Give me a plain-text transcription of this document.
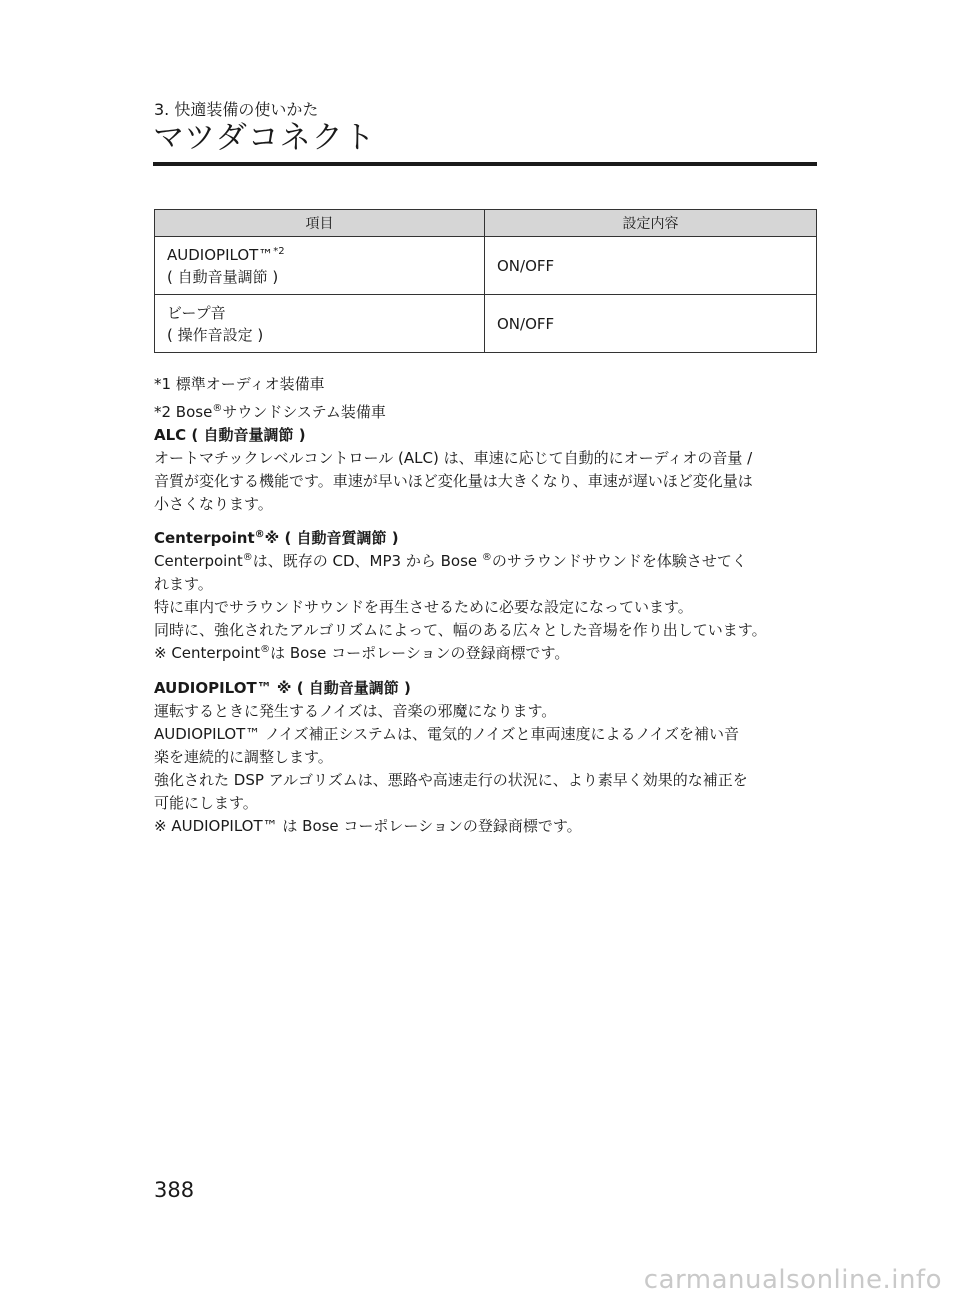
3. 快適装備の使いかた
マツダコネクト
項目	設定内容
AUDIOPILOT™$^{*2}$
( 自動音量調節 )	ON/OFF
ビープ音
( 操作音設定 )	ON/OFF
*1 標準オーディオ装備車
*2 Bose®サウンドシステム装備車

ALC ( 自動音量調節 )

オートマチックレベルコントロール (ALC) は、車速に応じて自動的にオーディオの音量 /

音質が変化する機能です。車速が早いほど変化量は大きくなり、車速が遅いほど変化量は

小さくなります。

Centerpoint®※ ( 自動音質調節 )

Centerpoint®は、既存の CD、MP3 から Bose ®のサラウンドサウンドを体験させてく

れます。

特に車内でサラウンドサウンドを再生させるために必要な設定になっています。

同時に、強化されたアルゴリズムによって、幅のある広々とした音場を作り出しています。

※ Centerpoint®は Bose コーポレーションの登録商標です。

AUDIOPILOT™ ※ ( 自動音量調節 )

運転するときに発生するノイズは、音楽の邪魔になります。

AUDIOPILOT™ ノイズ補正システムは、電気的ノイズと車両速度によるノイズを補い音

楽を連続的に調整します。

強化された DSP アルゴリズムは、悪路や高速走行の状況に、より素早く効果的な補正を

可能にします。

※ AUDIOPILOT™ は Bose コーポレーションの登録商標です。

388
carmanualsonline.info
